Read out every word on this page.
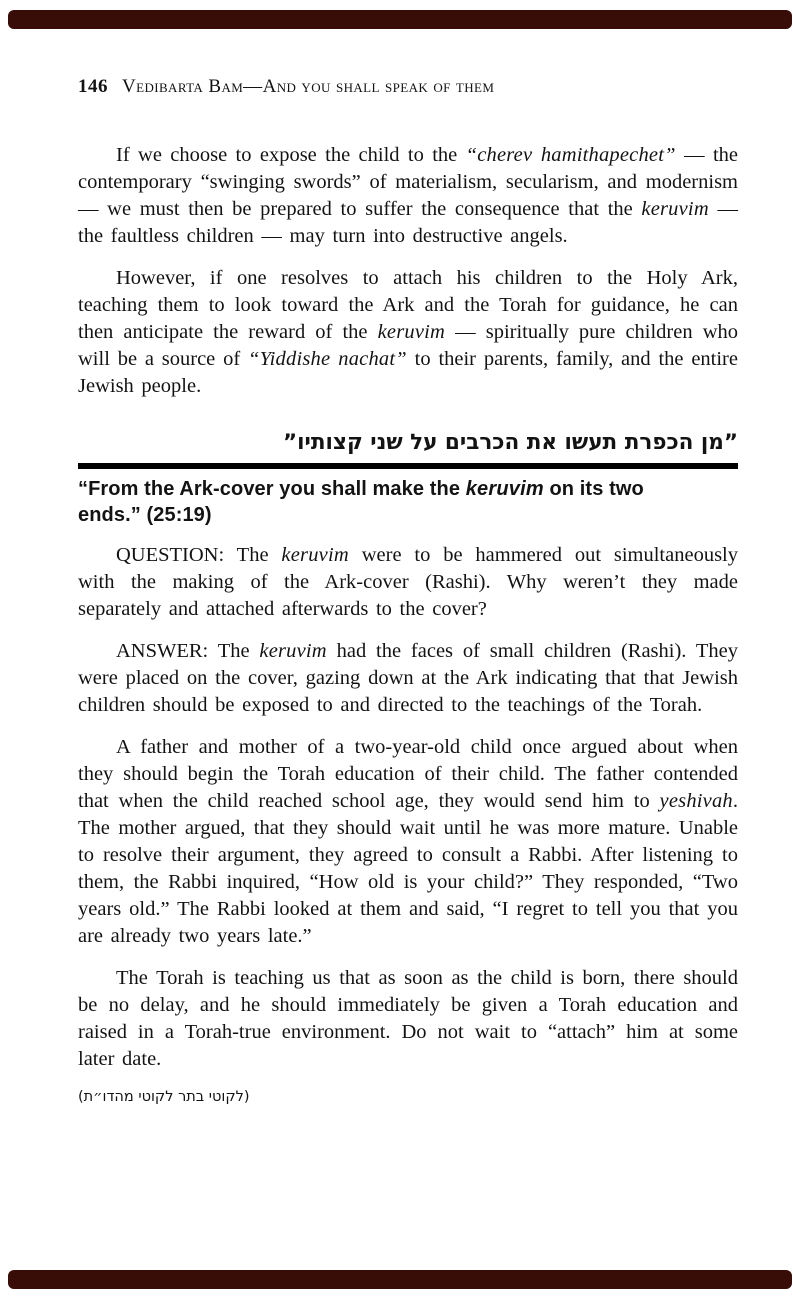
146 Vedibarta Bam—And you shall speak of them

If we choose to expose the child to the “cherev hamithapechet” — the contemporary “swinging swords” of materialism, secularism, and modernism — we must then be prepared to suffer the consequence that the keruvim — the faultless children — may turn into destructive angels.

However, if one resolves to attach his children to the Holy Ark, teaching them to look toward the Ark and the Torah for guidance, he can then anticipate the reward of the keruvim — spiritually pure children who will be a source of “Yiddishe nachat” to their parents, family, and the entire Jewish people.

”מן הכפרת תעשו את הכרבים על שני קצותיו”
“From the Ark-cover you shall make the keruvim on its two ends.” (25:19)

QUESTION: The keruvim were to be hammered out simultaneously with the making of the Ark-cover (Rashi). Why weren’t they made separately and attached afterwards to the cover?

ANSWER: The keruvim had the faces of small children (Rashi). They were placed on the cover, gazing down at the Ark indicating that that Jewish children should be exposed to and directed to the teachings of the Torah.

A father and mother of a two-year-old child once argued about when they should begin the Torah education of their child. The father contended that when the child reached school age, they would send him to yeshivah. The mother argued, that they should wait until he was more mature. Unable to resolve their argument, they agreed to consult a Rabbi. After listening to them, the Rabbi inquired, “How old is your child?” They responded, “Two years old.” The Rabbi looked at them and said, “I regret to tell you that you are already two years late.”

The Torah is teaching us that as soon as the child is born, there should be no delay, and he should immediately be given a Torah education and raised in a Torah-true environment. Do not wait to “attach” him at some later date.

(לקוטי בתר לקוטי מהדו״ת)
